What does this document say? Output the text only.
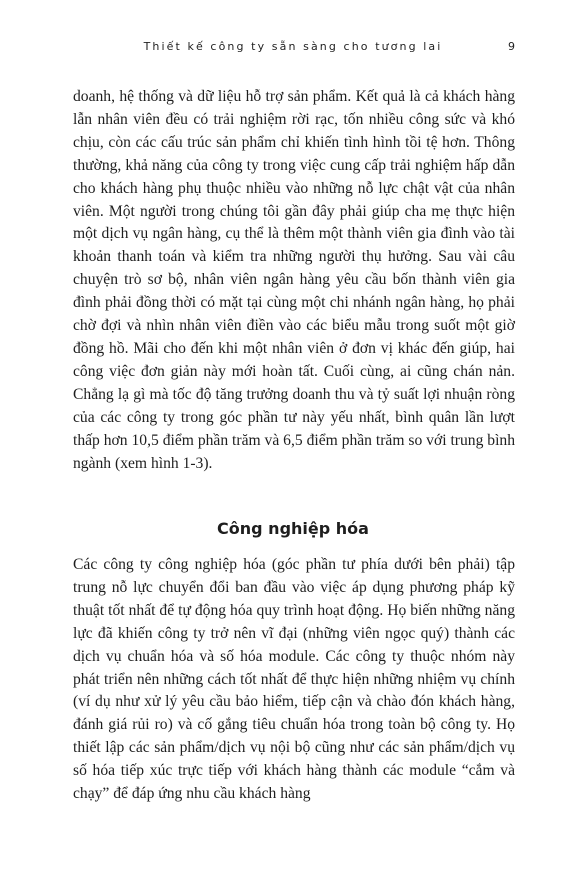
Thiết kế công ty sẵn sàng cho tương lai	9

doanh, hệ thống và dữ liệu hỗ trợ sản phẩm. Kết quả là cả khách hàng lẫn nhân viên đều có trải nghiệm rời rạc, tốn nhiều công sức và khó chịu, còn các cấu trúc sản phẩm chỉ khiến tình hình tồi tệ hơn. Thông thường, khả năng của công ty trong việc cung cấp trải nghiệm hấp dẫn cho khách hàng phụ thuộc nhiều vào những nỗ lực chật vật của nhân viên. Một người trong chúng tôi gần đây phải giúp cha mẹ thực hiện một dịch vụ ngân hàng, cụ thể là thêm một thành viên gia đình vào tài khoản thanh toán và kiểm tra những người thụ hưởng. Sau vài câu chuyện trò sơ bộ, nhân viên ngân hàng yêu cầu bốn thành viên gia đình phải đồng thời có mặt tại cùng một chi nhánh ngân hàng, họ phải chờ đợi và nhìn nhân viên điền vào các biểu mẫu trong suốt một giờ đồng hồ. Mãi cho đến khi một nhân viên ở đơn vị khác đến giúp, hai công việc đơn giản này mới hoàn tất. Cuối cùng, ai cũng chán nản. Chẳng lạ gì mà tốc độ tăng trưởng doanh thu và tỷ suất lợi nhuận ròng của các công ty trong góc phần tư này yếu nhất, bình quân lần lượt thấp hơn 10,5 điểm phần trăm và 6,5 điểm phần trăm so với trung bình ngành (xem hình 1-3).

Công nghiệp hóa

Các công ty công nghiệp hóa (góc phần tư phía dưới bên phải) tập trung nỗ lực chuyển đổi ban đầu vào việc áp dụng phương pháp kỹ thuật tốt nhất để tự động hóa quy trình hoạt động. Họ biến những năng lực đã khiến công ty trở nên vĩ đại (những viên ngọc quý) thành các dịch vụ chuẩn hóa và số hóa module. Các công ty thuộc nhóm này phát triển nên những cách tốt nhất để thực hiện những nhiệm vụ chính (ví dụ như xử lý yêu cầu bảo hiểm, tiếp cận và chào đón khách hàng, đánh giá rủi ro) và cố gắng tiêu chuẩn hóa trong toàn bộ công ty. Họ thiết lập các sản phẩm/dịch vụ nội bộ cũng như các sản phẩm/dịch vụ số hóa tiếp xúc trực tiếp với khách hàng thành các module “cắm và chạy” để đáp ứng nhu cầu khách hàng
